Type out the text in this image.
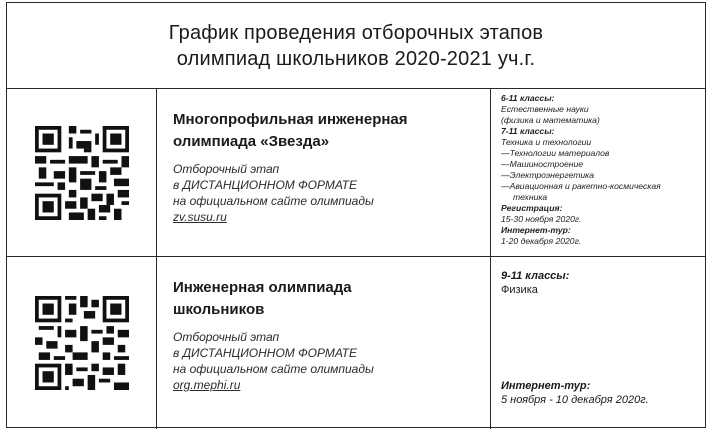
График проведения отборочных этапов
олимпиад школьников 2020-2021 уч.г.
Многопрофильная инженерная
олимпиада «Звезда»
Отборочный этап
в ДИСТАНЦИОННОМ ФОРМАТЕ
на официальном сайте олимпиады
zv.susu.ru
6-11 классы:
Естественные науки
(физика и математика)
7-11 классы:
Техника и технологии
—Технологии материалов
—Машиностроение
—Электроэнергетика
—Авиационная и ракетно-космическая
техника
Регистрация:
15-30 ноября 2020г.
Интернет-тур:
1-20 декабря 2020г.
Инженерная олимпиада
школьников
Отборочный этап
в ДИСТАНЦИОННОМ ФОРМАТЕ
на официальном сайте олимпиады
org.mephi.ru
9-11 классы:
Физика
Интернет-тур:
5 ноября - 10 декабря 2020г.
